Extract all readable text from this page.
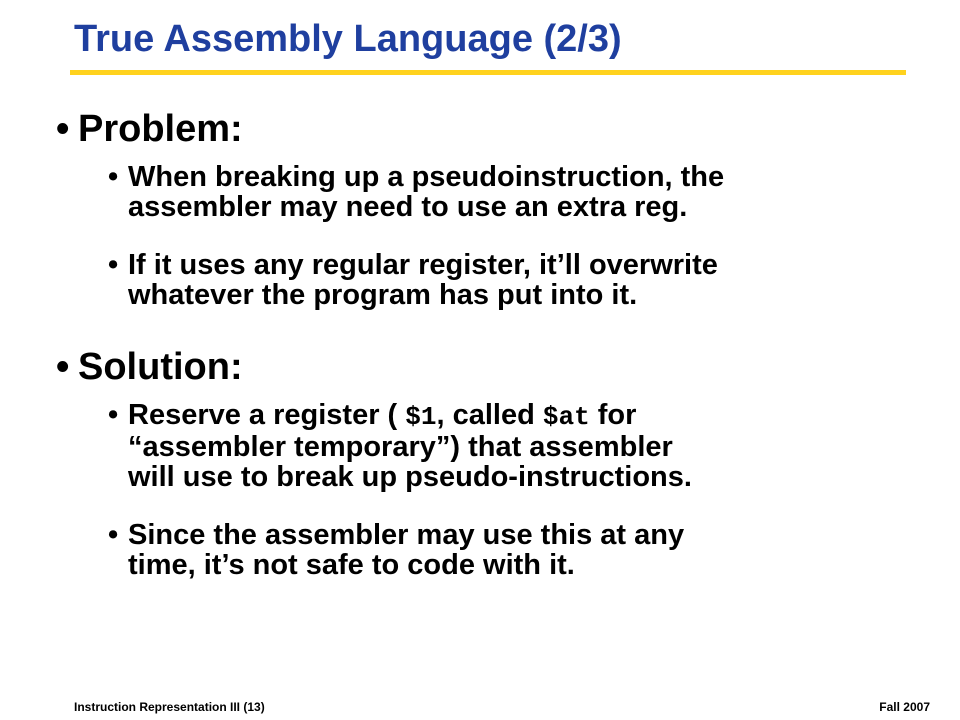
True Assembly Language (2/3)
• Problem:
• When breaking up a pseudoinstruction, the
assembler may need to use an extra reg.
• If it uses any regular register, it’ll overwrite
whatever the program has put into it.
• Solution:
• Reserve a register ( $1, called $at for
“assembler temporary”) that assembler
will use to break up pseudo-instructions.
• Since the assembler may use this at any
time, it’s not safe to code with it.
Instruction Representation III (13)	Fall 2007
